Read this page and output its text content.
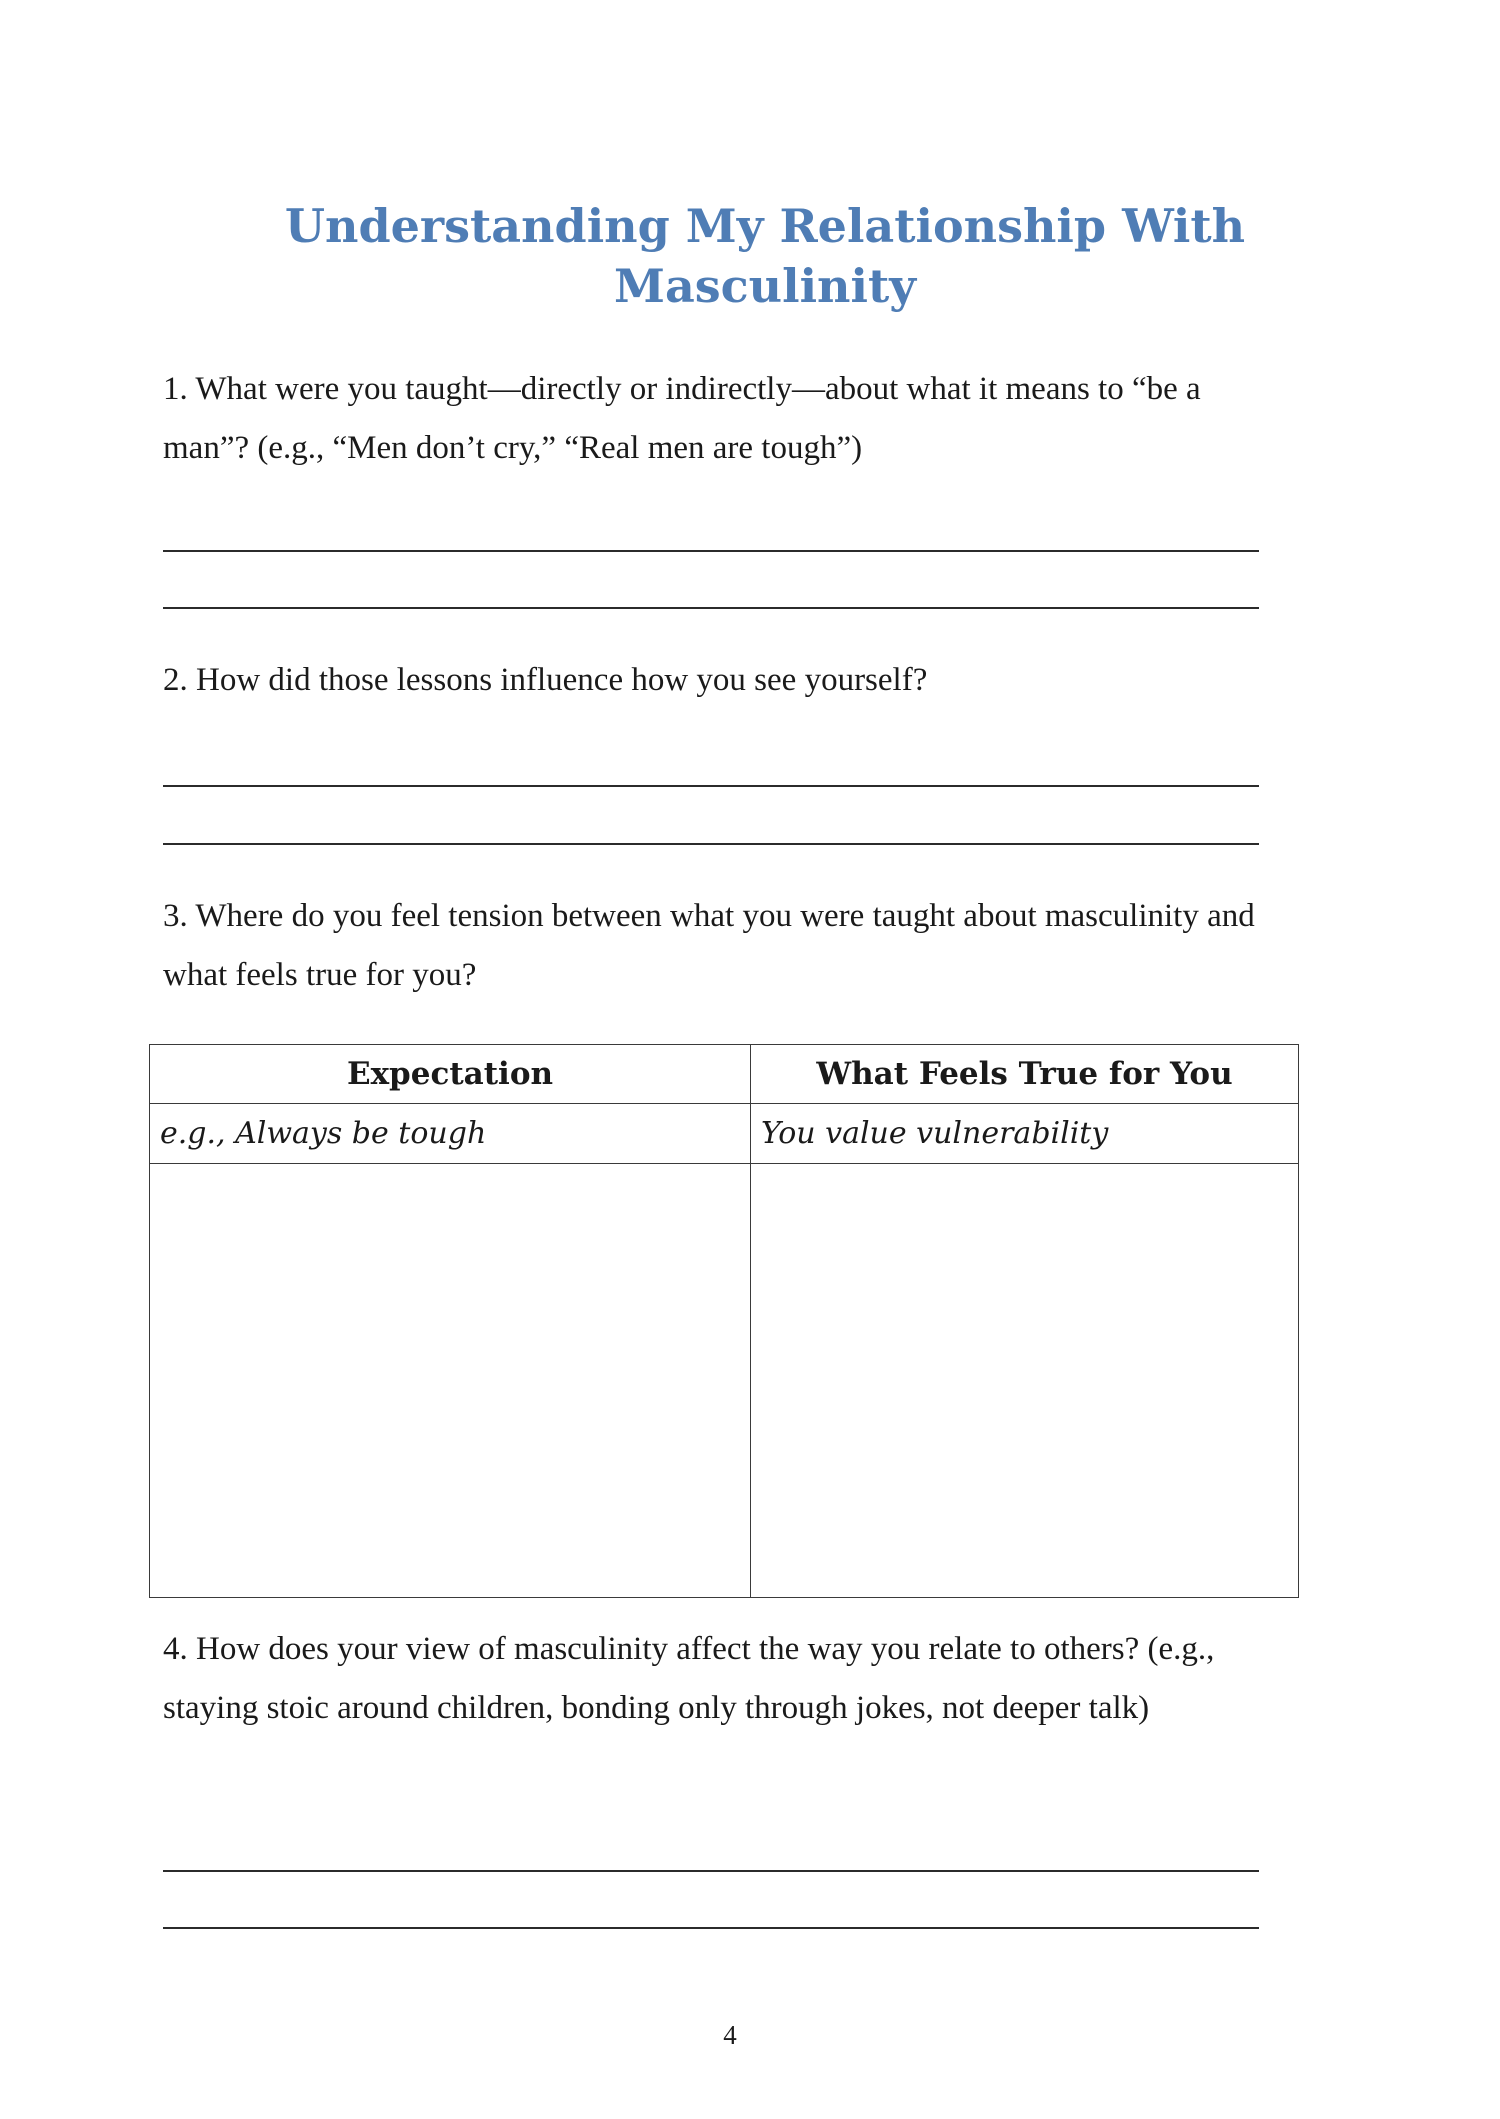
Understanding My Relationship With
Masculinity

1. What were you taught—directly or indirectly—about what it means to “be a man”? (e.g., “Men don’t cry,” “Real men are tough”)

2. How did those lessons influence how you see yourself?

3. Where do you feel tension between what you were taught about masculinity and what feels true for you?

Expectation	What Feels True for You
e.g., Always be tough	You value vulnerability

4. How does your view of masculinity affect the way you relate to others? (e.g., staying stoic around children, bonding only through jokes, not deeper talk)

4
